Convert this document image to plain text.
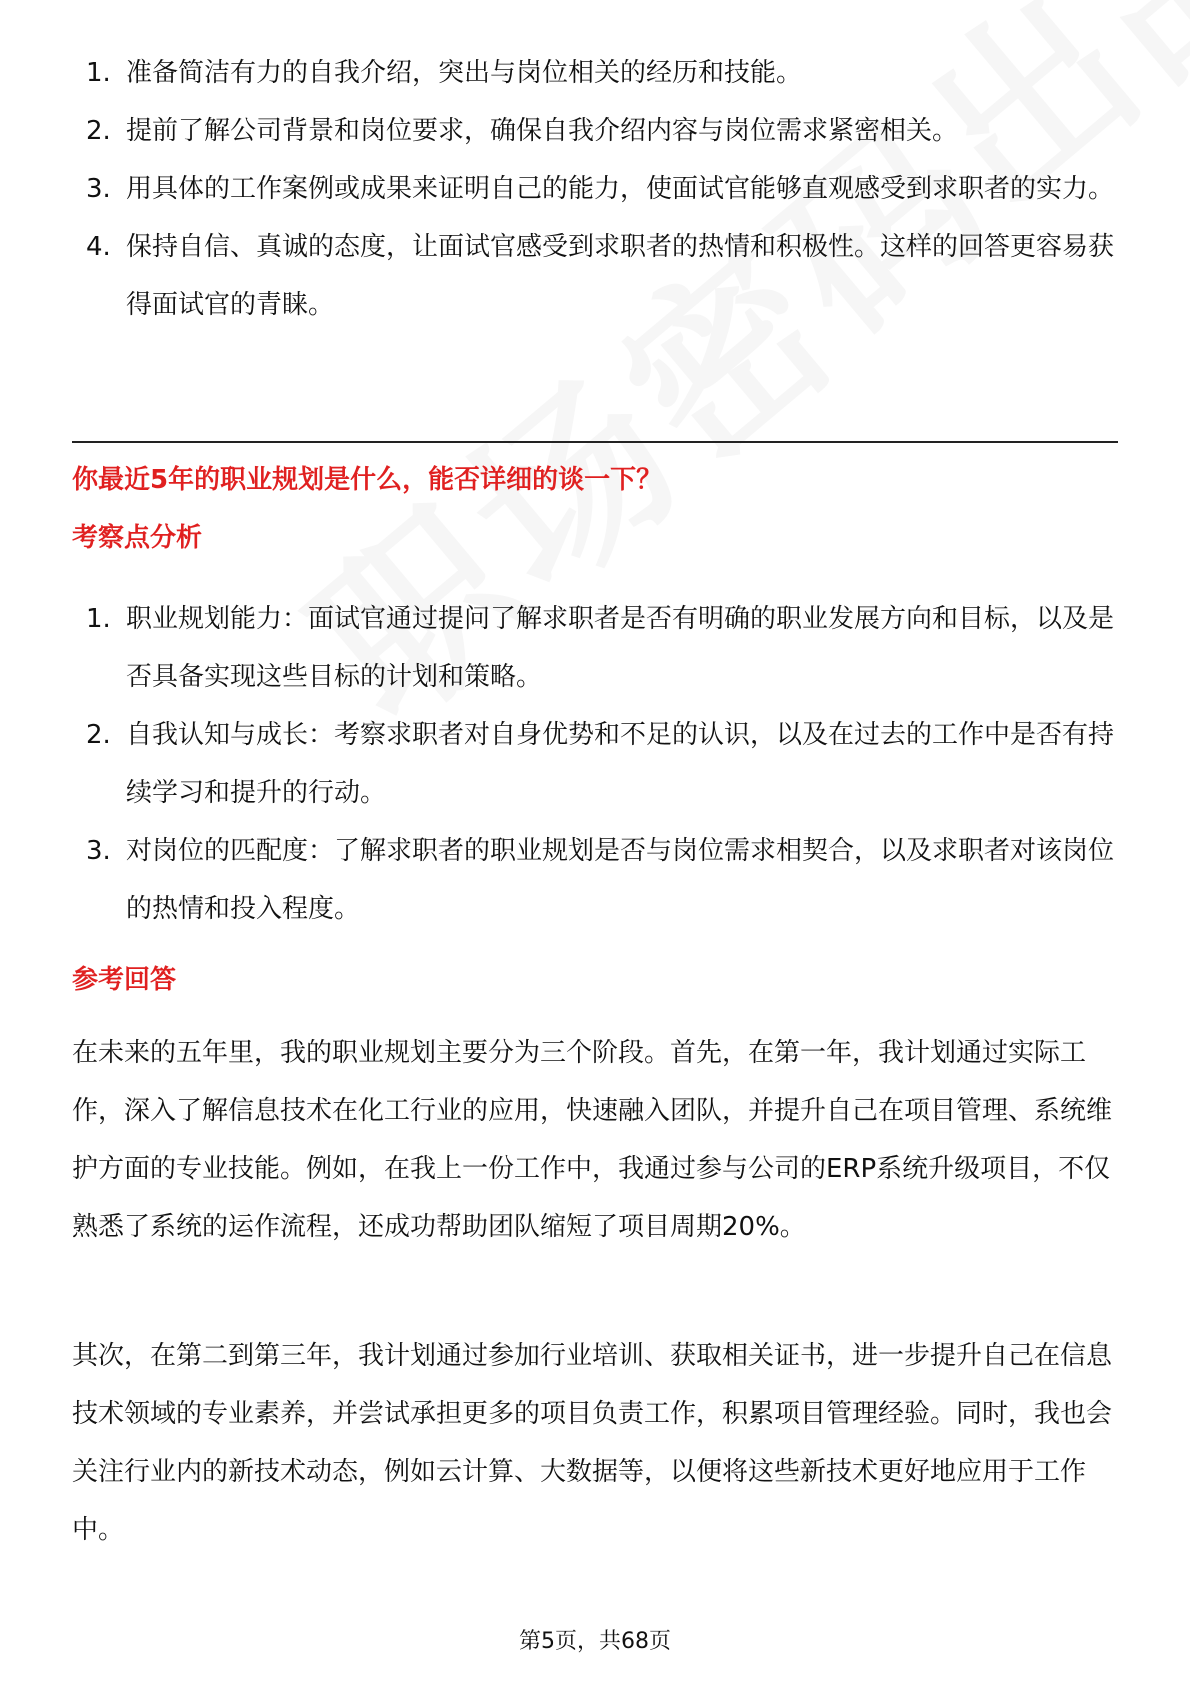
1. 准备简洁有力的自我介绍，突出与岗位相关的经历和技能。
2. 提前了解公司背景和岗位要求，确保自我介绍内容与岗位需求紧密相关。
3. 用具体的工作案例或成果来证明自己的能力，使面试官能够直观感受到求职者的实力。
4. 保持自信、真诚的态度，让面试官感受到求职者的热情和积极性。这样的回答更容易获得面试官的青睐。
你最近5年的职业规划是什么，能否详细的谈一下？
考察点分析
1. 职业规划能力：面试官通过提问了解求职者是否有明确的职业发展方向和目标，以及是否具备实现这些目标的计划和策略。
2. 自我认知与成长：考察求职者对自身优势和不足的认识，以及在过去的工作中是否有持续学习和提升的行动。
3. 对岗位的匹配度：了解求职者的职业规划是否与岗位需求相契合，以及求职者对该岗位的热情和投入程度。
参考回答

在未来的五年里，我的职业规划主要分为三个阶段。首先，在第一年，我计划通过实际工作，深入了解信息技术在化工行业的应用，快速融入团队，并提升自己在项目管理、系统维护方面的专业技能。例如，在我上一份工作中，我通过参与公司的ERP系统升级项目，不仅熟悉了系统的运作流程，还成功帮助团队缩短了项目周期20%。

其次，在第二到第三年，我计划通过参加行业培训、获取相关证书，进一步提升自己在信息技术领域的专业素养，并尝试承担更多的项目负责工作，积累项目管理经验。同时，我也会关注行业内的新技术动态，例如云计算、大数据等，以便将这些新技术更好地应用于工作中。

第5页，共68页
